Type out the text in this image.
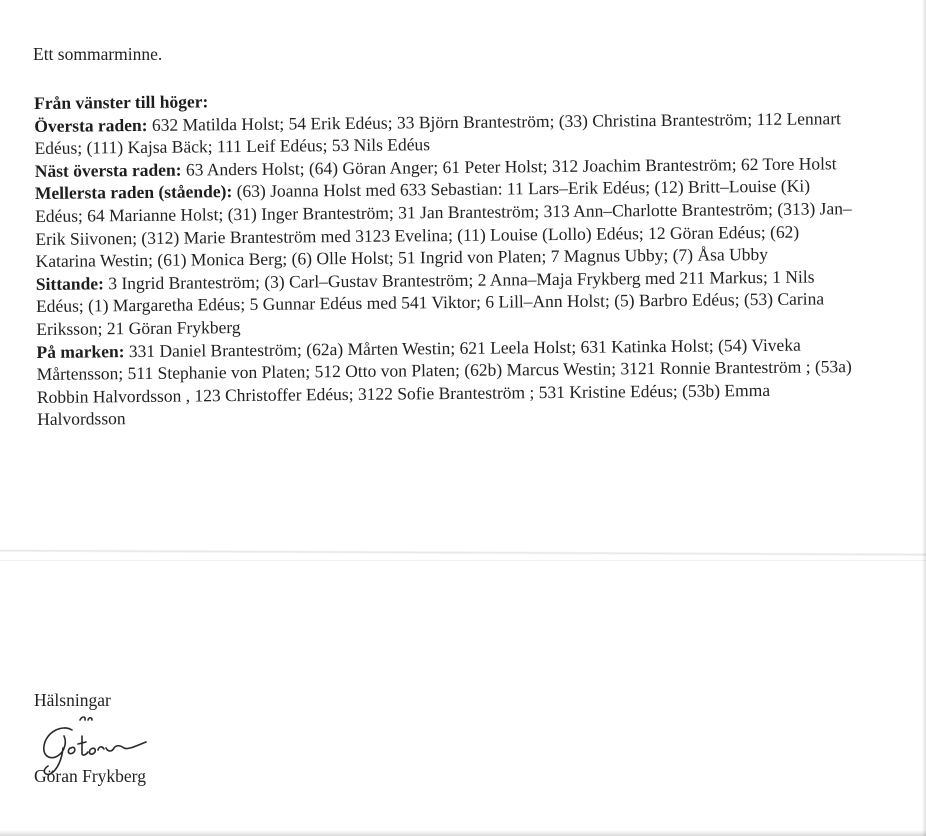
Ett sommarminne.
Från vänster till höger:
Översta raden: 632 Matilda Holst; 54 Erik Edéus; 33 Björn Branteström; (33) Christina Branteström; 112 Lennart Edéus; (111) Kajsa Bäck; 111 Leif Edéus; 53 Nils Edéus
Näst översta raden: 63 Anders Holst; (64) Göran Anger; 61 Peter Holst; 312 Joachim Branteström; 62 Tore Holst
Mellersta raden (stående): (63) Joanna Holst med 633 Sebastian: 11 Lars–Erik Edéus; (12) Britt–Louise (Ki) Edéus; 64 Marianne Holst; (31) Inger Branteström; 31 Jan Branteström; 313 Ann–Charlotte Branteström; (313) Jan–Erik Siivonen; (312) Marie Branteström med 3123 Evelina; (11) Louise (Lollo) Edéus; 12 Göran Edéus; (62) Katarina Westin; (61) Monica Berg; (6) Olle Holst; 51 Ingrid von Platen; 7 Magnus Ubby; (7) Åsa Ubby
Sittande: 3 Ingrid Branteström; (3) Carl–Gustav Branteström; 2 Anna–Maja Frykberg med 211 Markus; 1 Nils Edéus; (1) Margaretha Edéus; 5 Gunnar Edéus med 541 Viktor; 6 Lill–Ann Holst; (5) Barbro Edéus; (53) Carina Eriksson; 21 Göran Frykberg
På marken: 331 Daniel Branteström; (62a) Mårten Westin; 621 Leela Holst; 631 Katinka Holst; (54) Viveka Mårtensson; 511 Stephanie von Platen; 512 Otto von Platen; (62b) Marcus Westin; 3121 Ronnie Branteström ; (53a) Robbin Halvordsson , 123 Christoffer Edéus; 3122 Sofie Branteström ; 531 Kristine Edéus; (53b) Emma Halvordsson
Hälsningar
Göran Frykberg
